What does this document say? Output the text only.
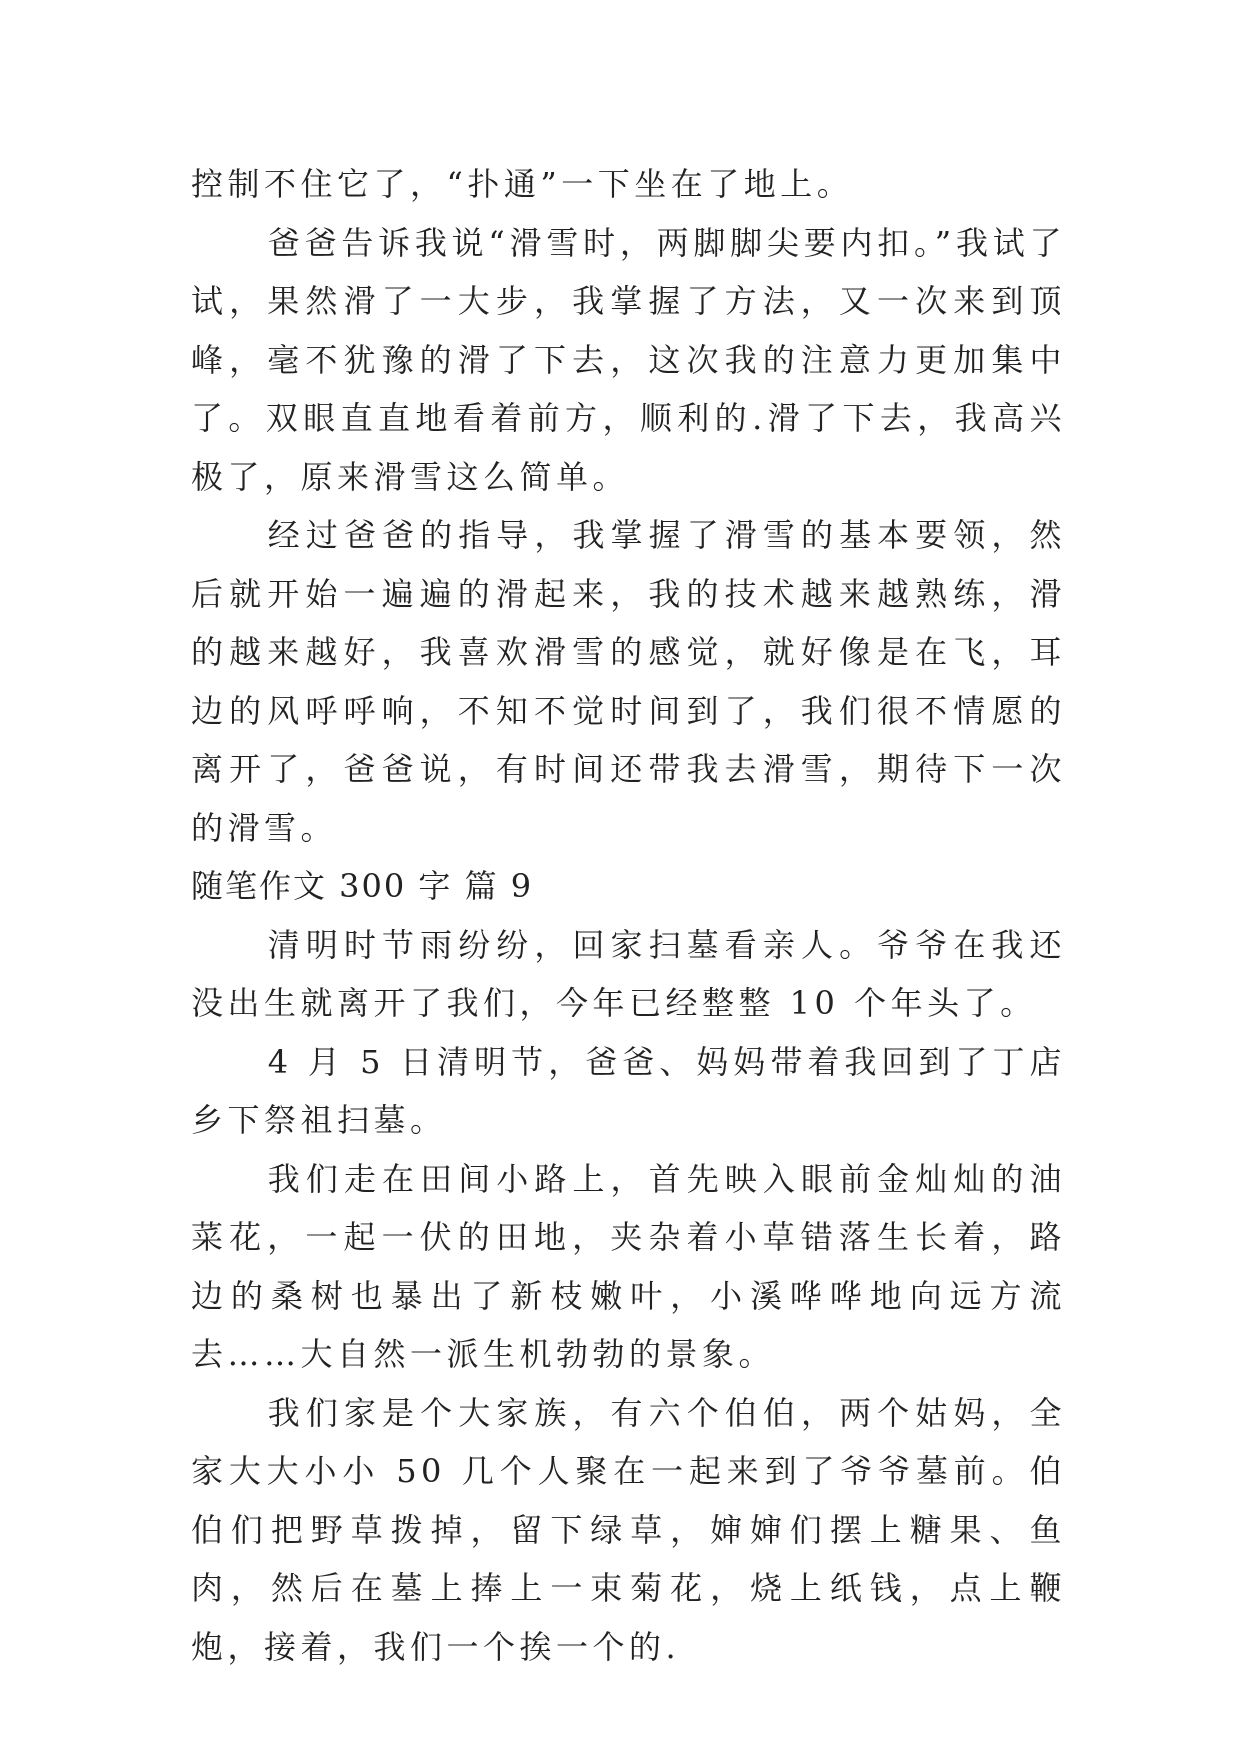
控制不住它了，“扑通”一下坐在了地上。

爸爸告诉我说“滑雪时，两脚脚尖要内扣。”我试了试，果然滑了一大步，我掌握了方法，又一次来到顶峰，毫不犹豫的滑了下去，这次我的注意力更加集中了。双眼直直地看着前方，顺利的.滑了下去，我高兴极了，原来滑雪这么简单。

经过爸爸的指导，我掌握了滑雪的基本要领，然后就开始一遍遍的滑起来，我的技术越来越熟练，滑的越来越好，我喜欢滑雪的感觉，就好像是在飞，耳边的风呼呼响，不知不觉时间到了，我们很不情愿的离开了，爸爸说，有时间还带我去滑雪，期待下一次的滑雪。

随笔作文 300 字 篇 9

清明时节雨纷纷，回家扫墓看亲人。爷爷在我还没出生就离开了我们，今年已经整整 10 个年头了。

4 月 5 日清明节，爸爸、妈妈带着我回到了丁店乡下祭祖扫墓。

我们走在田间小路上，首先映入眼前金灿灿的油菜花，一起一伏的田地，夹杂着小草错落生长着，路边的桑树也暴出了新枝嫩叶，小溪哗哗地向远方流去……大自然一派生机勃勃的景象。

我们家是个大家族，有六个伯伯，两个姑妈，全家大大小小 50 几个人聚在一起来到了爷爷墓前。伯伯们把野草拨掉，留下绿草，婶婶们摆上糖果、鱼肉，然后在墓上捧上一束菊花，烧上纸钱，点上鞭炮，接着，我们一个挨一个的.
